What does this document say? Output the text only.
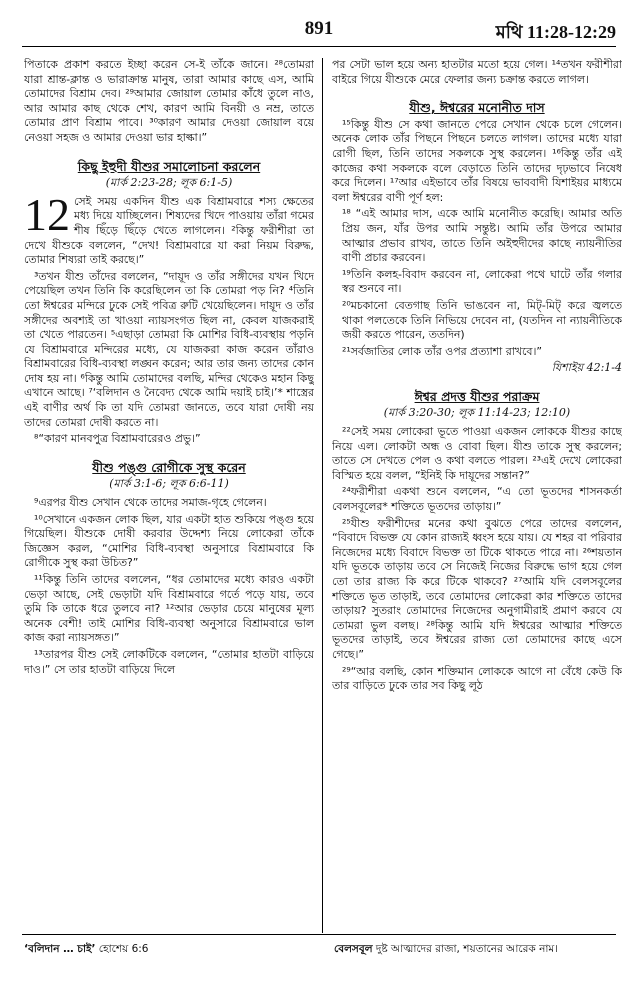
891	মথি 11:28-12:29

পিতাকে প্রকাশ করতে ইচ্ছা করেন সে-ই তাঁকে জানে। ²⁸তোমরা যারা শ্রান্ত-ক্লান্ত ও ভারাক্রান্ত মানুষ, তারা আমার কাছে এস, আমি তোমাদের বিশ্রাম দেব। ²⁹আমার জোয়াল তোমার কাঁধে তুলে নাও, আর আমার কাছ থেকে শেখ, কারণ আমি বিনয়ী ও নম্র, তাতে তোমার প্রাণ বিশ্রাম পাবে। ³⁰কারণ আমার দেওয়া জোয়াল বয়ে নেওয়া সহজ ও আমার দেওয়া ভার হাল্কা।”

কিছু ইহুদী যীশুর সমালোচনা করলেন
(মার্ক 2:23-28; লূক 6:1-5)

12 সেই সময় একদিন যীশু এক বিশ্রামবারে শস্য ক্ষেতের মধ্য দিয়ে যাচ্ছিলেন। শিষ্যদের খিদে পাওয়ায় তাঁরা গমের শীষ ছিঁড়ে ছিঁড়ে খেতে লাগলেন। ²কিন্তু ফরীশীরা তা দেখে যীশুকে বললেন, “দেখ! বিশ্রামবারে যা করা নিয়ম বিরুদ্ধ, তোমার শিষ্যরা তাই করছে।”

³তখন যীশু তাঁদের বললেন, “দায়ূদ ও তাঁর সঙ্গীদের যখন খিদে পেয়েছিল তখন তিনি কি করেছিলেন তা কি তোমরা পড় নি? ⁴তিনি তো ঈশ্বরের মন্দিরে ঢুকে সেই পবিত্র রুটি খেয়েছিলেন। দায়ূদ ও তাঁর সঙ্গীদের অবশ্যই তা খাওয়া ন্যায়সংগত ছিল না, কেবল যাজকরাই তা খেতে পারতেন। ⁵এছাড়া তোমরা কি মোশির বিধি-ব্যবস্থায় পড়নি যে বিশ্রামবারে মন্দিরের মধ্যে, যে যাজকরা কাজ করেন তাঁরাও বিশ্রামবারের বিধি-ব্যবস্থা লঙ্ঘন করেন; আর তার জন্য তাদের কোন দোষ হয় না। ⁶কিন্তু আমি তোমাদের বলছি, মন্দির থেকেও মহান কিছু এখানে আছে। ⁷‘বলিদান ও নৈবেদ্য থেকে আমি দয়াই চাই।’* শাস্ত্রের এই বাণীর অর্থ কি তা যদি তোমরা জানতে, তবে যারা দোষী নয় তাদের তোমরা দোষী করতে না।

⁸“কারণ মানবপুত্র বিশ্রামবারেরও প্রভু।”

যীশু পঙ্গু রোগীকে সুস্থ করেন
(মার্ক 3:1-6; লূক 6:6-11)

⁹এরপর যীশু সেখান থেকে তাদের সমাজ-গৃহে গেলেন।

¹⁰সেখানে একজন লোক ছিল, যার একটা হাত শুকিয়ে পঙ্গু হয়ে গিয়েছিল। যীশুকে দোষী করবার উদ্দেশ্য নিয়ে লোকেরা তাঁকে জিজ্ঞেস করল, “মোশির বিধি-ব্যবস্থা অনুসারে বিশ্রামবারে কি রোগীকে সুস্থ করা উচিত?”

¹¹কিন্তু তিনি তাদের বললেন, “ধর তোমাদের মধ্যে কারও একটা ভেড়া আছে, সেই ভেড়াটা যদি বিশ্রামবারে গর্তে পড়ে যায়, তবে তুমি কি তাকে ধরে তুলবে না? ¹²আর ভেড়ার চেয়ে মানুষের মূল্য অনেক বেশী! তাই মোশির বিধি-ব্যবস্থা অনুসারে বিশ্রামবারে ভাল কাজ করা ন্যায়সঙ্গত।”

¹³তারপর যীশু সেই লোকটিকে বললেন, “তোমার হাতটা বাড়িয়ে দাও।” সে তার হাতটা বাড়িয়ে দিলে

পর সেটা ভাল হয়ে অন্য হাতটার মতো হয়ে গেল। ¹⁴তখন ফরীশীরা বাইরে গিয়ে যীশুকে মেরে ফেলার জন্য চক্রান্ত করতে লাগল।

যীশু, ঈশ্বরের মনোনীত দাস

¹⁵কিন্তু যীশু সে কথা জানতে পেরে সেখান থেকে চলে গেলেন। অনেক লোক তাঁর পিছনে পিছনে চলতে লাগল। তাদের মধ্যে যারা রোগী ছিল, তিনি তাদের সকলকে সুস্থ করলেন। ¹⁶কিন্তু তাঁর এই কাজের কথা সকলকে বলে বেড়াতে তিনি তাদের দৃঢ়ভাবে নিষেধ করে দিলেন। ¹⁷আর এইভাবে তাঁর বিষয়ে ভাববাদী যিশাইয়র মাধ্যমে বলা ঈশ্বরের বাণী পূর্ণ হল:

¹⁸ “এই আমার দাস, একে আমি মনোনীত করেছি। আমার অতি প্রিয় জন, যাঁর উপর আমি সন্তুষ্ট। আমি তাঁর উপরে আমার আত্মার প্রভাব রাখব, তাতে তিনি অইহুদীদের কাছে ন্যায়নীতির বাণী প্রচার করবেন।

¹⁹তিনি কলহ-বিবাদ করবেন না, লোকেরা পথে ঘাটে তাঁর গলার স্বর শুনবে না।

²⁰মচকানো বেতগাছ তিনি ভাঙবেন না, মিট্‌-মিট্‌ করে জ্বলতে থাকা পলতেকে তিনি নিভিয়ে দেবেন না, (যতদিন না ন্যায়নীতিকে জয়ী করতে পারেন, ততদিন)

²¹সর্বজাতির লোক তাঁর ওপর প্রত্যাশা রাখবে।”

যিশাইয় 42:1-4
ঈশ্বর প্রদত্ত যীশুর পরাক্রম
(মার্ক 3:20-30; লূক 11:14-23; 12:10)

²²সেই সময় লোকেরা ভূতে পাওয়া একজন লোককে যীশুর কাছে নিয়ে এল। লোকটা অন্ধ ও বোবা ছিল। যীশু তাকে সুস্থ করলেন; তাতে সে দেখতে পেল ও কথা বলতে পারল। ²³এই দেখে লোকেরা বিস্মিত হয়ে বলল, “ইনিই কি দায়ূদের সন্তান?”

²⁴ফরীশীরা একথা শুনে বললেন, “এ তো ভূতদের শাসনকর্তা বেলসবূলের* শক্তিতে ভূতদের তাড়ায়।”

²⁵যীশু ফরীশীদের মনের কথা বুঝতে পেরে তাদের বললেন, “বিবাদে বিভক্ত যে কোন রাজ্যই ধ্বংস হয়ে যায়। যে শহর বা পরিবার নিজেদের মধ্যে বিবাদে বিভক্ত তা টিকে থাকতে পারে না। ²⁶শয়তান যদি ভূতকে তাড়ায় তবে সে নিজেই নিজের বিরুদ্ধে ভাগ হয়ে গেল তো তার রাজ্য কি করে টিকে থাকবে? ²⁷আমি যদি বেলসবূলের শক্তিতে ভূত তাড়াই, তবে তোমাদের লোকেরা কার শক্তিতে তাদের তাড়ায়? সুতরাং তোমাদের নিজেদের অনুগামীরাই প্রমাণ করবে যে তোমরা ভুল বলছ। ²⁸কিন্তু আমি যদি ঈশ্বরের আত্মার শক্তিতে ভূতদের তাড়াই, তবে ঈশ্বরের রাজ্য তো তোমাদের কাছে এসে গেছে।”

²⁹“আর বলছি, কোন শক্তিমান লোককে আগে না বেঁধে কেউ কি তার বাড়িতে ঢুকে তার সব কিছু লূঠ

‘বলিদান … চাই’ হোশেয় 6:6	বেলসবূল দুষ্ট আত্মাদের রাজা, শয়তানের আরেক নাম।
